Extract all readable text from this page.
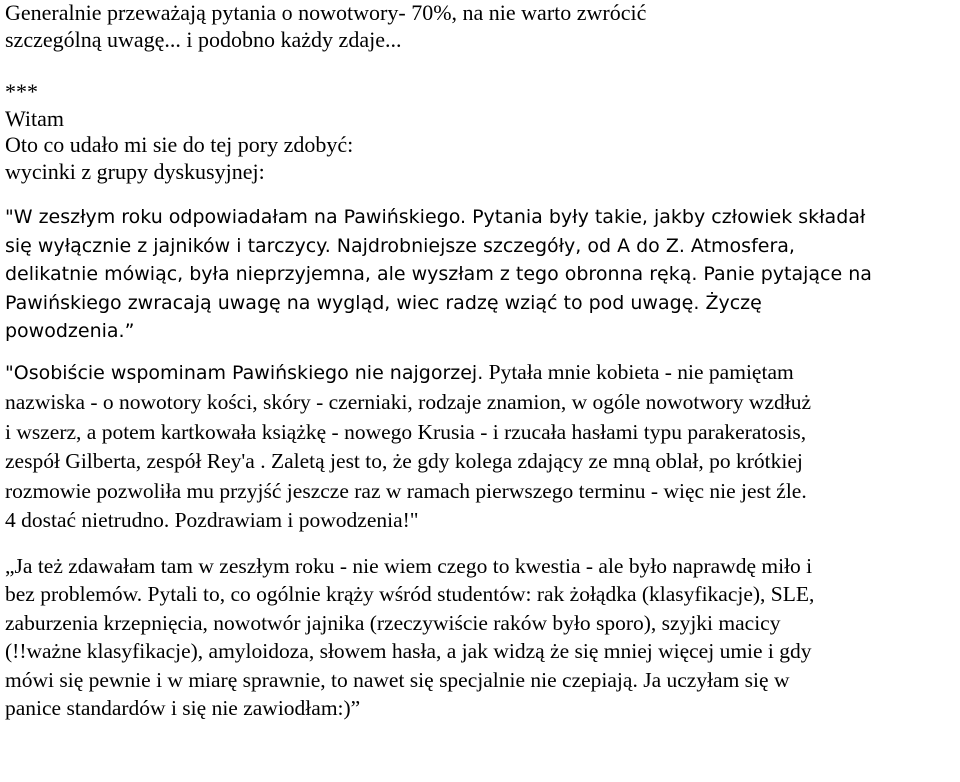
Generalnie przeważają pytania o nowotwory- 70%, na nie warto zwrócić
szczególną uwagę... i podobno każdy zdaje...
***
Witam
Oto co udało mi sie do tej pory zdobyć:
wycinki z grupy dyskusyjnej:
"W zeszłym roku odpowiadałam na Pawińskiego. Pytania były takie, jakby człowiek składał
się wyłącznie z jajników i tarczycy. Najdrobniejsze szczegóły, od A do Z. Atmosfera,
delikatnie mówiąc, była nieprzyjemna, ale wyszłam z tego obronna ręką. Panie pytające na
Pawińskiego zwracają uwagę na wygląd, wiec radzę wziąć to pod uwagę. Życzę
powodzenia.”
"Osobiście wspominam Pawińskiego nie najgorzej. Pytała mnie kobieta - nie pamiętam
nazwiska - o nowotory kości, skóry - czerniaki, rodzaje znamion, w ogóle nowotwory wzdłuż
i wszerz, a potem kartkowała książkę - nowego Krusia - i rzucała hasłami typu parakeratosis,
zespół Gilberta, zespół Rey'a . Zaletą jest to, że gdy kolega zdający ze mną oblał, po krótkiej
rozmowie pozwoliła mu przyjść jeszcze raz w ramach pierwszego terminu - więc nie jest źle.
4 dostać nietrudno. Pozdrawiam i powodzenia!"
„Ja też zdawałam tam w zeszłym roku - nie wiem czego to kwestia - ale było naprawdę miło i
bez problemów. Pytali to, co ogólnie krąży wśród studentów: rak żołądka (klasyfikacje), SLE,
zaburzenia krzepnięcia, nowotwór jajnika (rzeczywiście raków było sporo), szyjki macicy
(!!ważne klasyfikacje), amyloidoza, słowem hasła, a jak widzą że się mniej więcej umie i gdy
mówi się pewnie i w miarę sprawnie, to nawet się specjalnie nie czepiają. Ja uczyłam się w
panice standardów i się nie zawiodłam:)”
